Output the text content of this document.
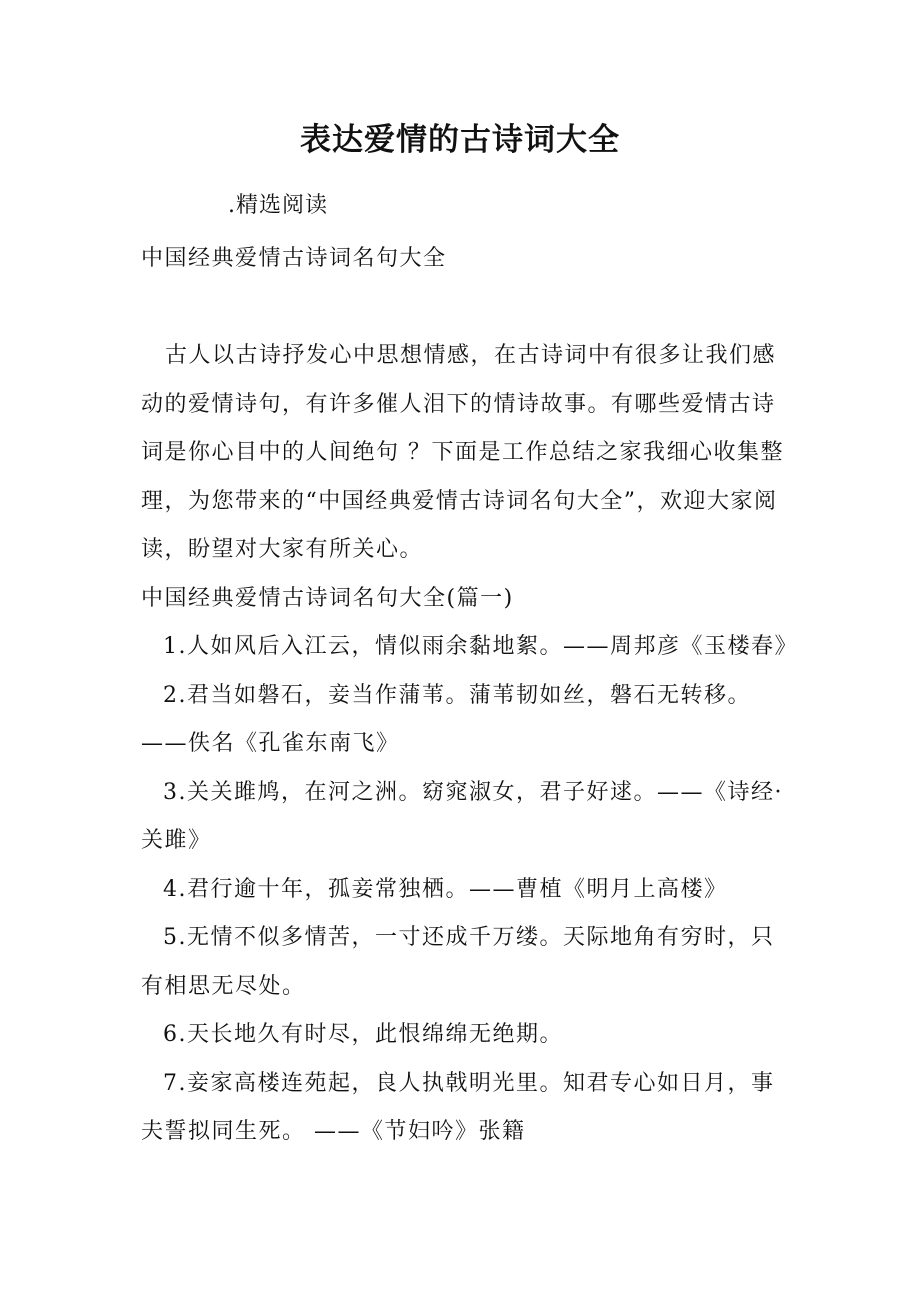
表达爱情的古诗词大全
.精选阅读

中国经典爱情古诗词名句大全

古人以古诗抒发心中思想情感，在古诗词中有很多让我们感动的爱情诗句，有许多催人泪下的情诗故事。有哪些爱情古诗词是你心目中的人间绝句 ？下面是工作总结之家我细心收集整理，为您带来的“中国经典爱情古诗词名句大全”，欢迎大家阅读，盼望对大家有所关心。

中国经典爱情古诗词名句大全(篇一)

1.人如风后入江云，情似雨余黏地絮。——周邦彦《玉楼春》

2.君当如磐石，妾当作蒲苇。蒲苇韧如丝，磐石无转移。——佚名《孔雀东南飞》

3.关关雎鸠，在河之洲。窈窕淑女，君子好逑。——《诗经·关雎》

4.君行逾十年，孤妾常独栖。——曹植《明月上高楼》

5.无情不似多情苦，一寸还成千万缕。天际地角有穷时，只有相思无尽处。

6.天长地久有时尽，此恨绵绵无绝期。

7.妾家高楼连苑起，良人执戟明光里。知君专心如日月，事夫誓拟同生死。 ——《节妇吟》张籍
